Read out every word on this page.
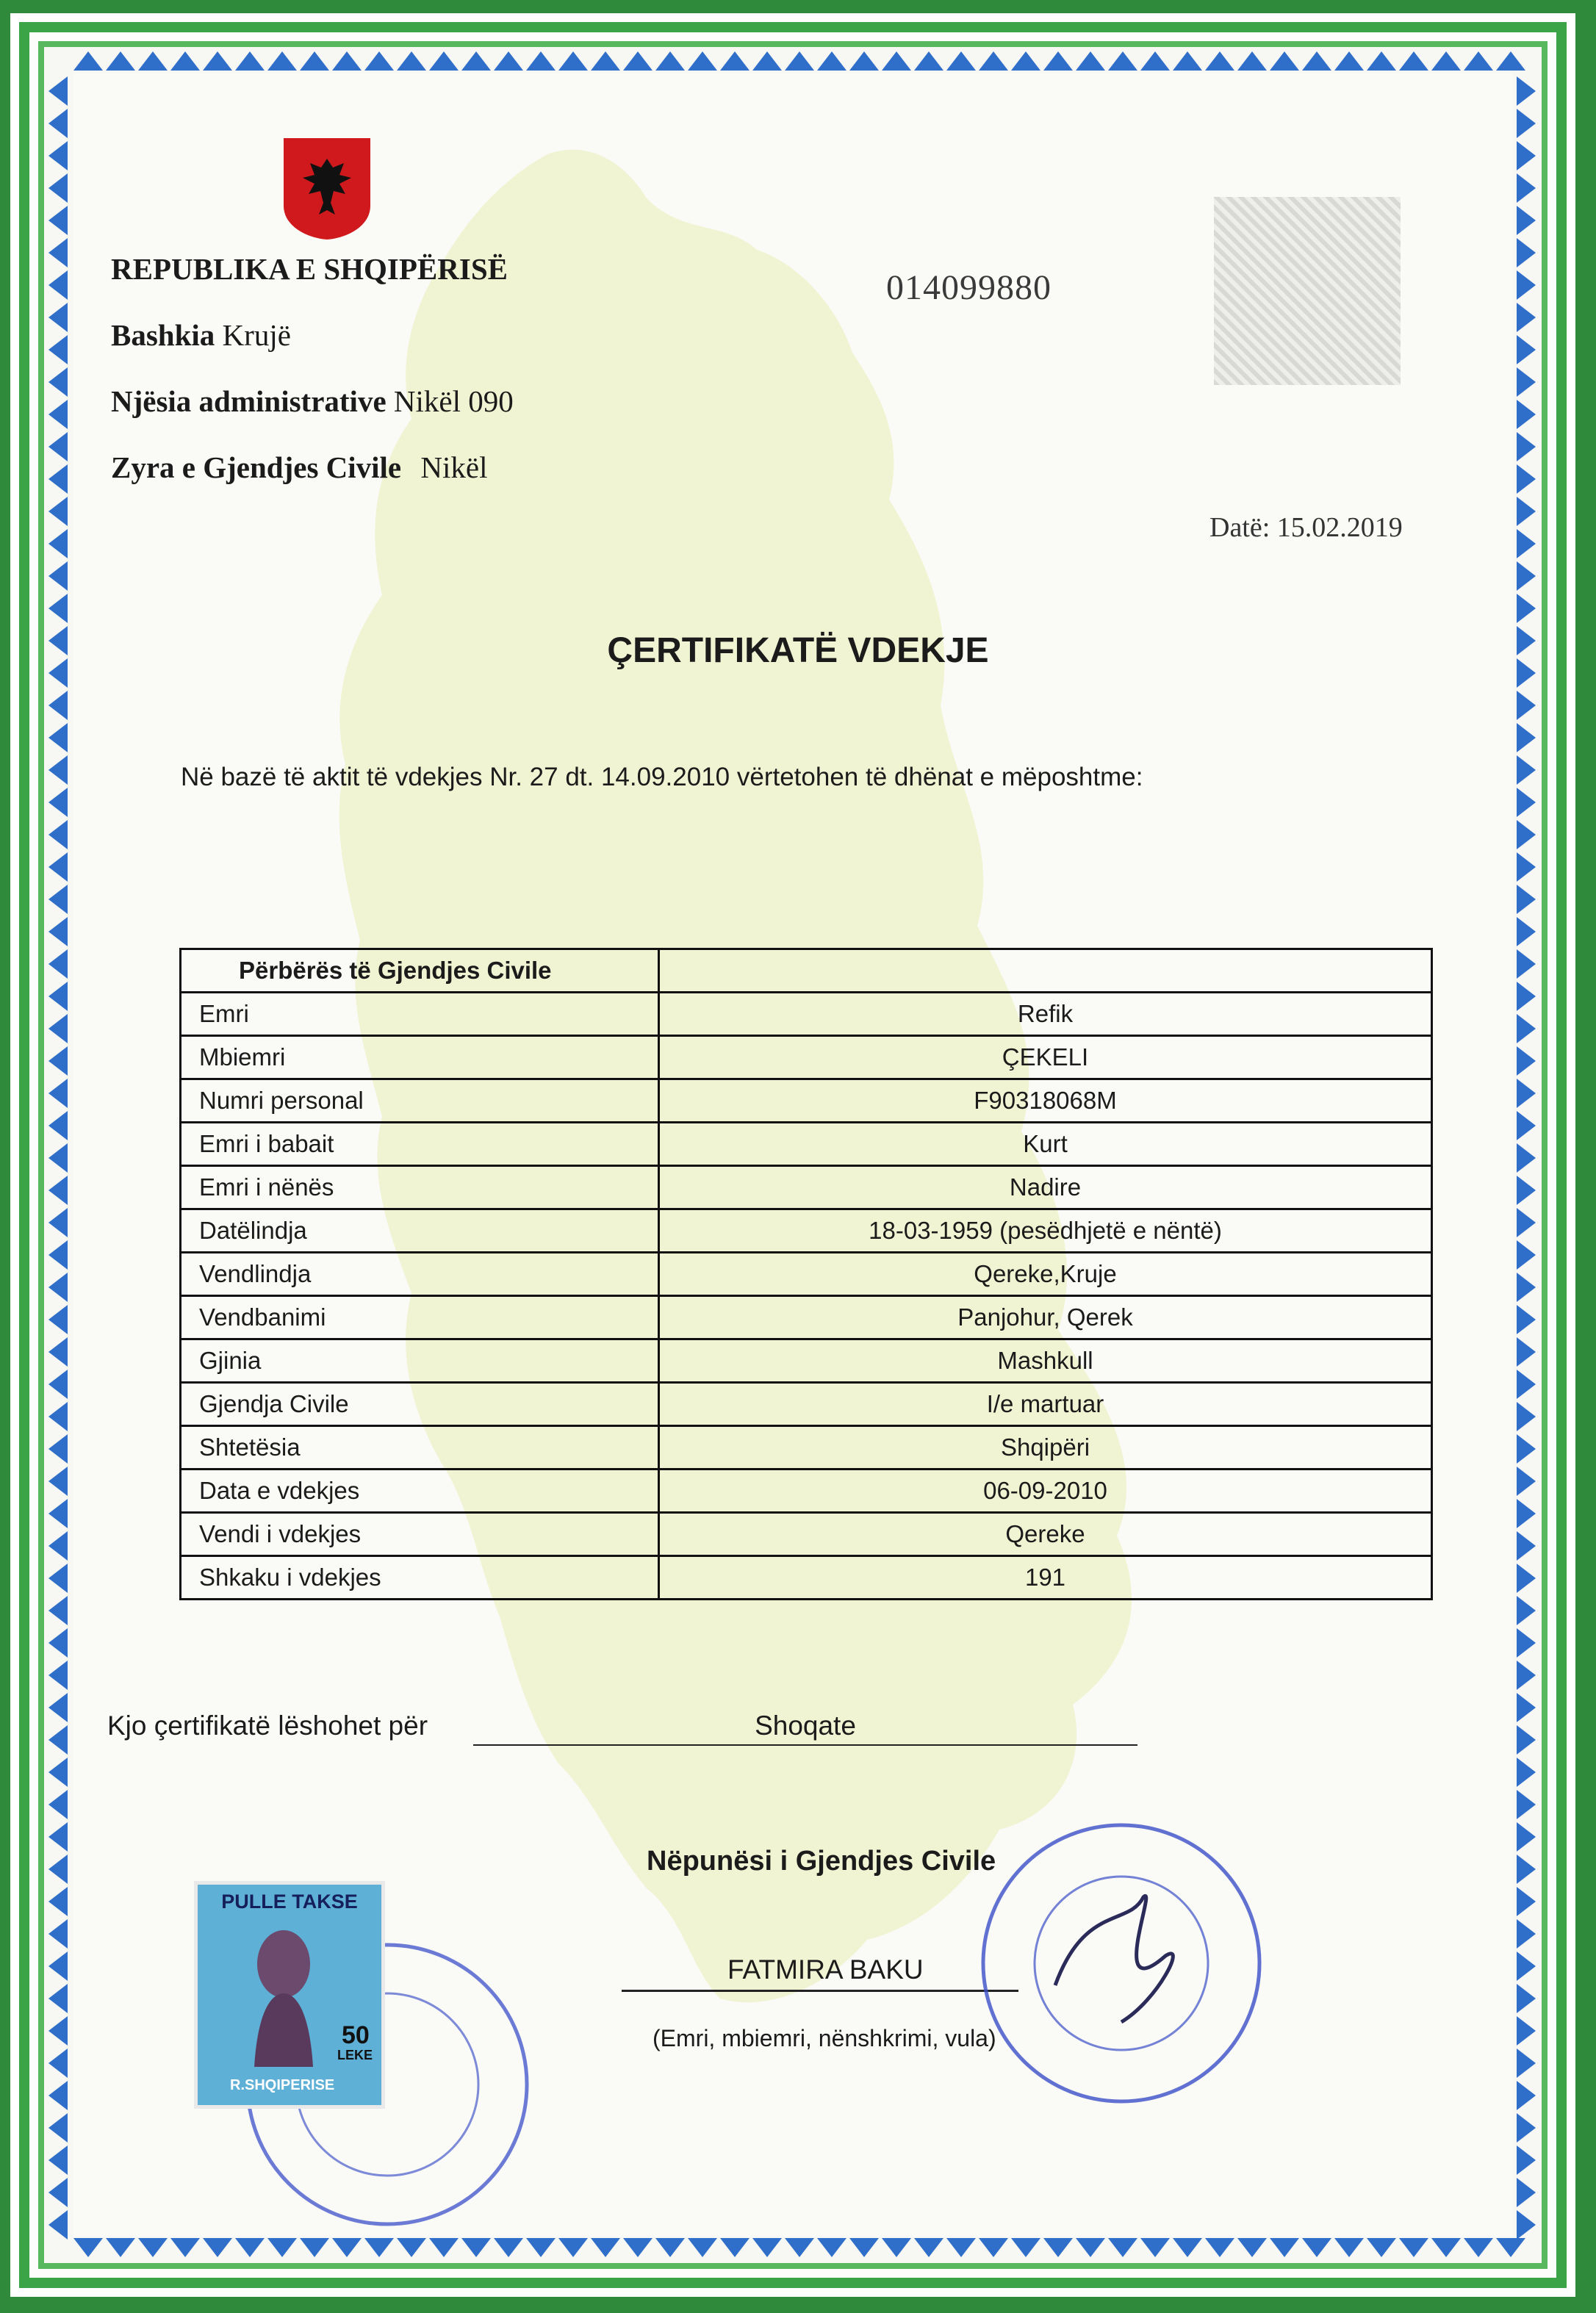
REPUBLIKA E SHQIPËRISË
Bashkia Krujë
Njësia administrative Nikël 090
Zyra e Gjendjes Civile Nikël
014099880
Datë: 15.02.2019
ÇERTIFIKATË VDEKJE
Në bazë të aktit të vdekjes Nr. 27 dt. 14.09.2010 vërtetohen të dhënat e mëposhtme:
Përbërës të Gjendjes Civile	
Emri	Refik
Mbiemri	ÇEKELI
Numri personal	F90318068M
Emri i babait	Kurt
Emri i nënës	Nadire
Datëlindja	18-03-1959 (pesëdhjetë e nëntë)
Vendlindja	Qereke,Kruje
Vendbanimi	Panjohur, Qerek
Gjinia	Mashkull
Gjendja Civile	I/e martuar
Shtetësia	Shqipëri
Data e vdekjes	06-09-2010
Vendi i vdekjes	Qereke
Shkaku i vdekjes	191
Kjo çertifikatë lëshohet për	Shoqate
Nëpunësi i Gjendjes Civile
FATMIRA BAKU
(Emri, mbiemri, nënshkrimi, vula)
PULLE TAKSE
50
LEKE
R.SHQIPERISE
